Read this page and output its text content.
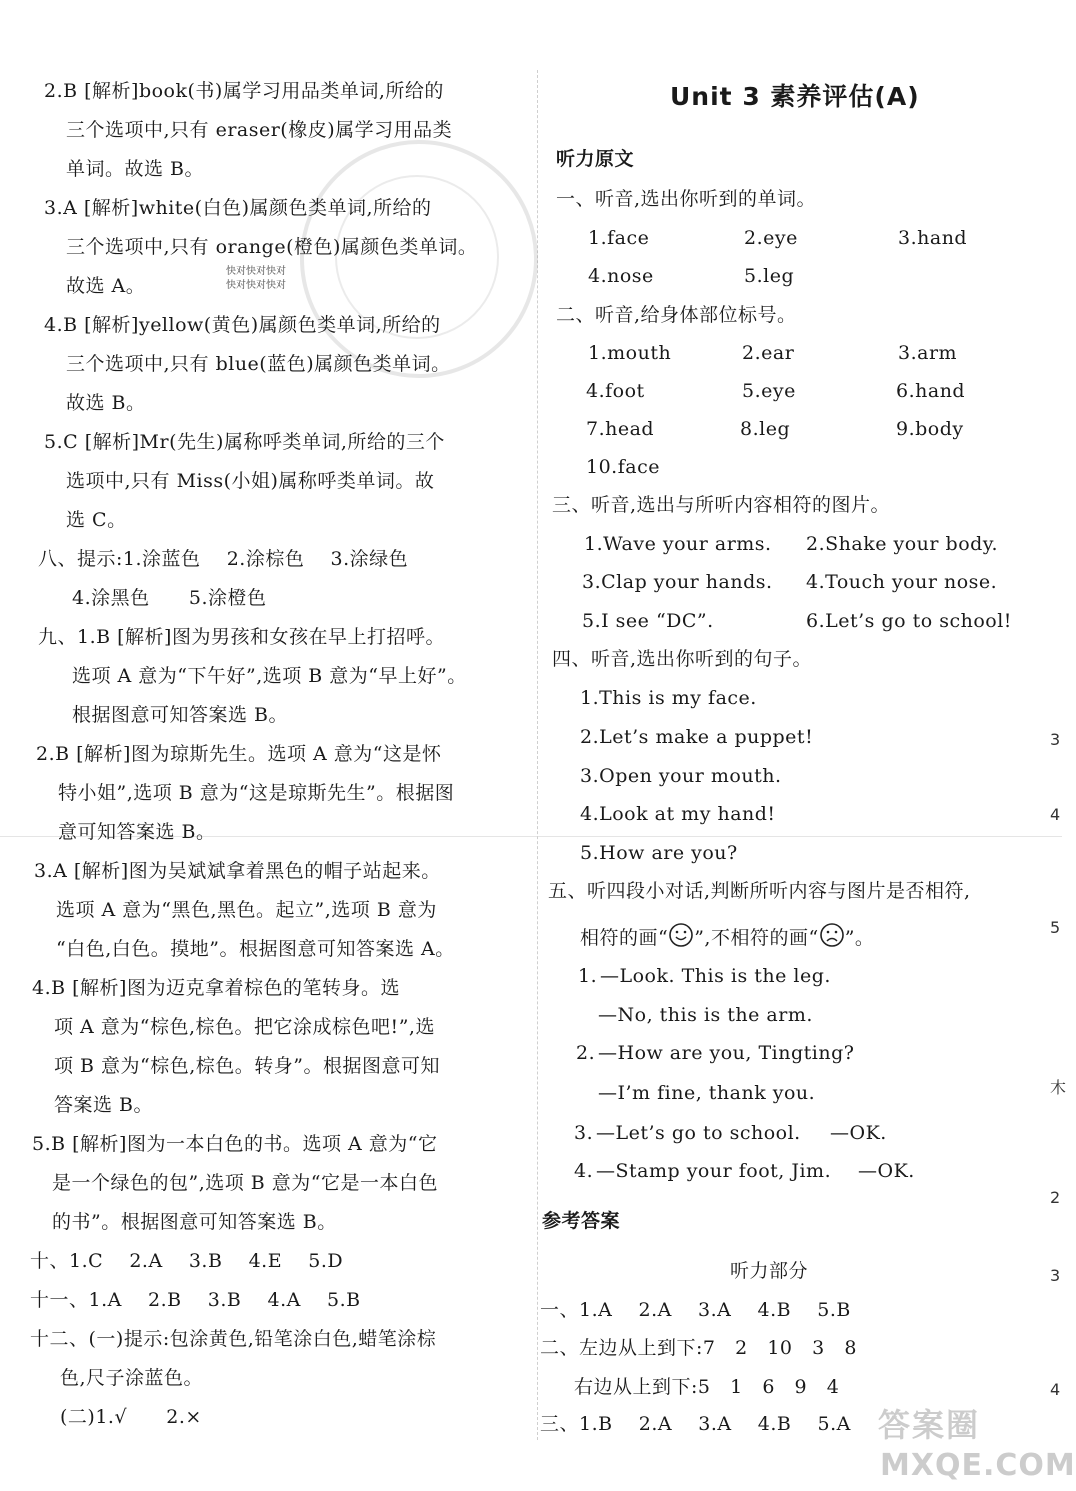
快对快对快对
快对快对快对
2.B [解析]book(书)属学习用品类单词,所给的
三个选项中,只有 eraser(橡皮)属学习用品类
单词。故选 B。
3.A [解析]white(白色)属颜色类单词,所给的
三个选项中,只有 orange(橙色)属颜色类单词。
故选 A。
4.B [解析]yellow(黄色)属颜色类单词,所给的
三个选项中,只有 blue(蓝色)属颜色类单词。
故选 B。
5.C [解析]Mr(先生)属称呼类单词,所给的三个
选项中,只有 Miss(小姐)属称呼类单词。故
选 C。
八、提示:1.涂蓝色    2.涂棕色    3.涂绿色
4.涂黑色      5.涂橙色
九、1.B [解析]图为男孩和女孩在早上打招呼。
选项 A 意为“下午好”,选项 B 意为“早上好”。
根据图意可知答案选 B。
2.B [解析]图为琼斯先生。选项 A 意为“这是怀
特小姐”,选项 B 意为“这是琼斯先生”。根据图
意可知答案选 B。
3.A [解析]图为吴斌斌拿着黑色的帽子站起来。
选项 A 意为“黑色,黑色。起立”,选项 B 意为
“白色,白色。摸地”。根据图意可知答案选 A。
4.B [解析]图为迈克拿着棕色的笔转身。选
项 A 意为“棕色,棕色。把它涂成棕色吧!”,选
项 B 意为“棕色,棕色。转身”。根据图意可知
答案选 B。
5.B [解析]图为一本白色的书。选项 A 意为“它
是一个绿色的包”,选项 B 意为“它是一本白色
的书”。根据图意可知答案选 B。
十、1.C    2.A    3.B    4.E    5.D
十一、1.A    2.B    3.B    4.A    5.B
十二、(一)提示:包涂黄色,铅笔涂白色,蜡笔涂棕
色,尺子涂蓝色。
(二)1.√      2.×
Unit 3 素养评估(A)
听力原文
一、听音,选出你听到的单词。
1.face	2.eye	3.hand
4.nose	5.leg
二、听音,给身体部位标号。
1.mouth	2.ear	3.arm
4.foot	5.eye	6.hand
7.head	8.leg	9.body
10.face
三、听音,选出与所听内容相符的图片。
1.Wave your arms. 2.Shake your body.
3.Clap your hands. 4.Touch your nose.
5.I see “DC”.	6.Let’s go to school!
四、听音,选出你听到的句子。
1.This is my face.
2.Let’s make a puppet!
3.Open your mouth.
4.Look at my hand!
5.How are you?
五、听四段小对话,判断所听内容与图片是否相符,
相符的画“ ”,不相符的画“ ”。
1. —Look. This is the leg.
—No, this is the arm.
2. —How are you, Tingting?
—I’m fine, thank you.
3. —Let’s go to school. —OK.
4. —Stamp your foot, Jim. —OK.
参考答案
听力部分
一、1.A    2.A    3.A    4.B    5.B
二、左边从上到下:7   2   10   3   8
右边从上到下:5   1   6   9   4
三、1.B    2.A    3.A    4.B    5.A
3
4
5
木
2
3
4
答案圈
MXQE.COM
